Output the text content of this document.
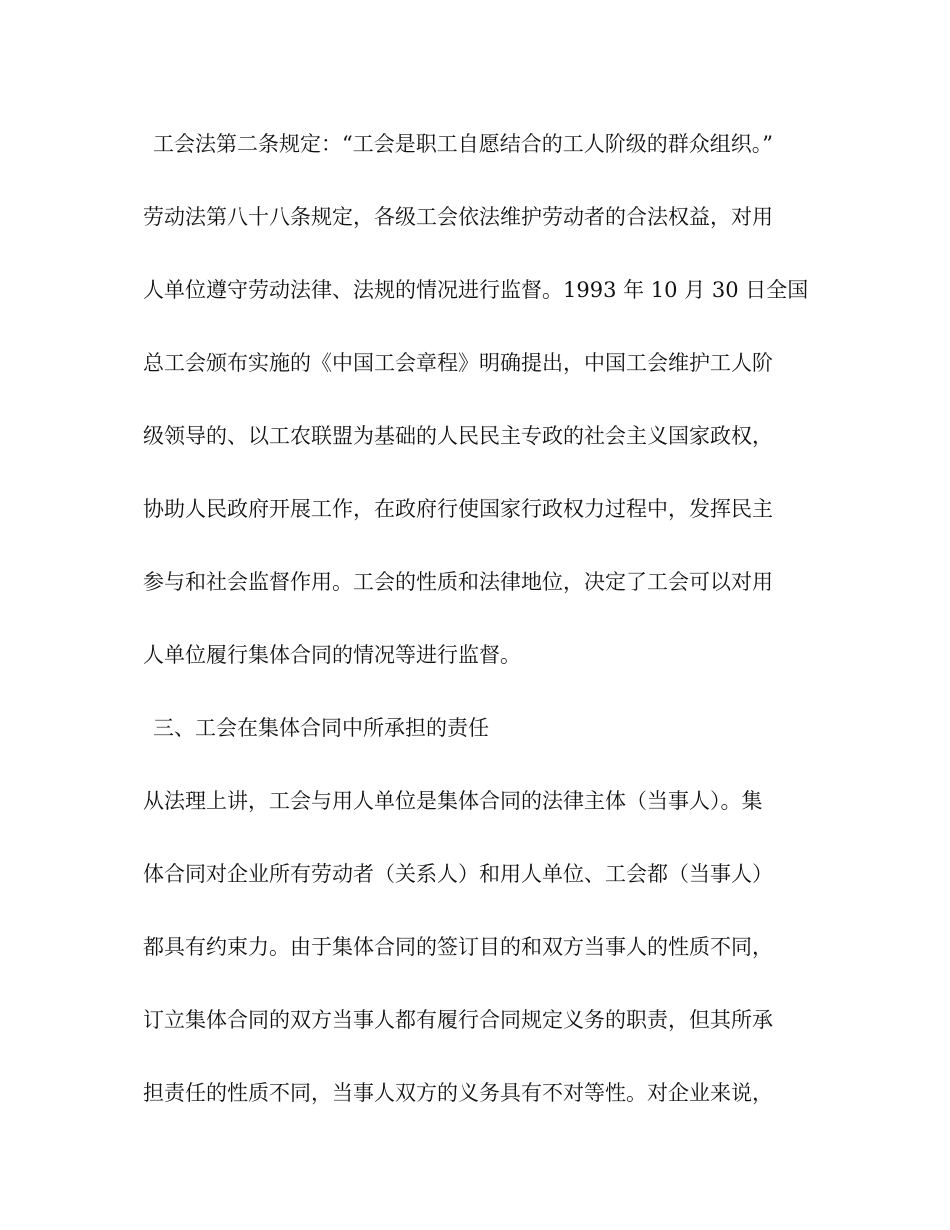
工会法第二条规定：“工会是职工自愿结合的工人阶级的群众组织。”
劳动法第八十八条规定，各级工会依法维护劳动者的合法权益，对用
人单位遵守劳动法律、法规的情况进行监督。1993 年 10 月 30 日全国
总工会颁布实施的《中国工会章程》明确提出，中国工会维护工人阶
级领导的、以工农联盟为基础的人民民主专政的社会主义国家政权，
协助人民政府开展工作，在政府行使国家行政权力过程中，发挥民主
参与和社会监督作用。工会的性质和法律地位，决定了工会可以对用
人单位履行集体合同的情况等进行监督。
三、工会在集体合同中所承担的责任
从法理上讲，工会与用人单位是集体合同的法律主体（当事人）。集
体合同对企业所有劳动者（关系人）和用人单位、工会都（当事人）
都具有约束力。由于集体合同的签订目的和双方当事人的性质不同，
订立集体合同的双方当事人都有履行合同规定义务的职责，但其所承
担责任的性质不同，当事人双方的义务具有不对等性。对企业来说，
